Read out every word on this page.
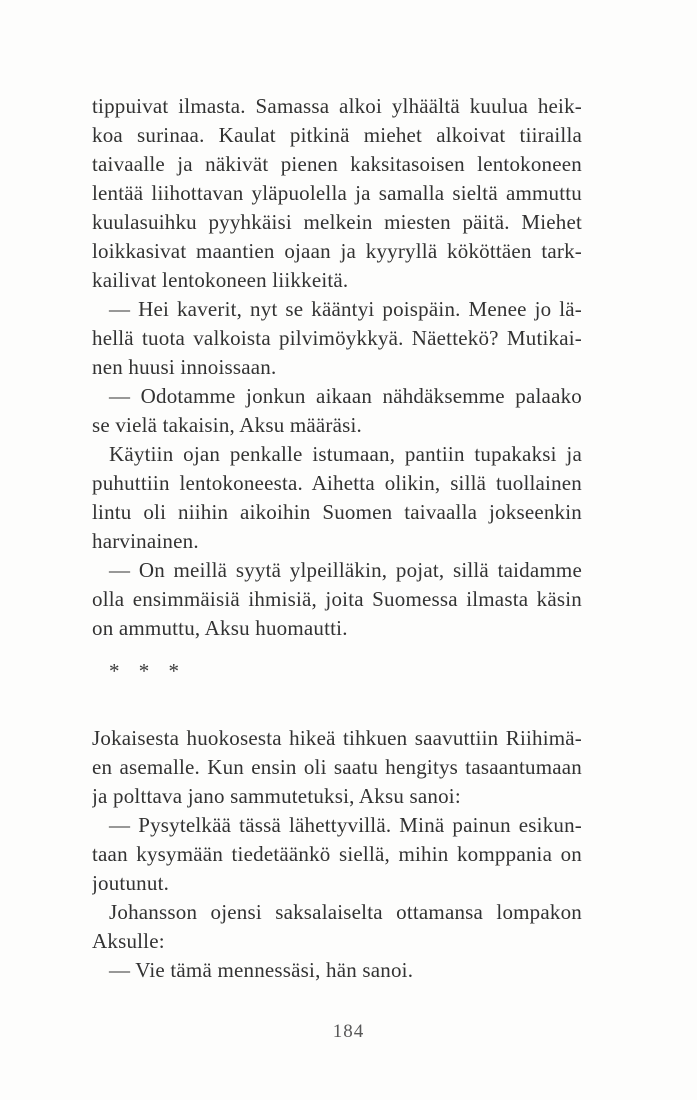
tippuivat ilmasta. Samassa alkoi ylhäältä kuulua heik-
koa surinaa. Kaulat pitkinä miehet alkoivat tiirailla
taivaalle ja näkivät pienen kaksitasoisen lentokoneen
lentää liihottavan yläpuolella ja samalla sieltä ammuttu
kuulasuihku pyyhkäisi melkein miesten päitä. Miehet
loikkasivat maantien ojaan ja kyyryllä kököttäen tark-
kailivat lentokoneen liikkeitä.
— Hei kaverit, nyt se kääntyi poispäin. Menee jo lä-
hellä tuota valkoista pilvimöykkyä. Näettekö? Mutikai-
nen huusi innoissaan.
— Odotamme jonkun aikaan nähdäksemme palaako
se vielä takaisin, Aksu määräsi.
Käytiin ojan penkalle istumaan, pantiin tupakaksi ja
puhuttiin lentokoneesta. Aihetta olikin, sillä tuollainen
lintu oli niihin aikoihin Suomen taivaalla jokseenkin
harvinainen.
— On meillä syytä ylpeilläkin, pojat, sillä taidamme
olla ensimmäisiä ihmisiä, joita Suomessa ilmasta käsin
on ammuttu, Aksu huomautti.
* * *
Jokaisesta huokosesta hikeä tihkuen saavuttiin Riihimä-
en asemalle. Kun ensin oli saatu hengitys tasaantumaan
ja polttava jano sammutetuksi, Aksu sanoi:
— Pysytelkää tässä lähettyvillä. Minä painun esikun-
taan kysymään tiedetäänkö siellä, mihin komppania on
joutunut.
Johansson ojensi saksalaiselta ottamansa lompakon
Aksulle:
— Vie tämä mennessäsi, hän sanoi.
184
